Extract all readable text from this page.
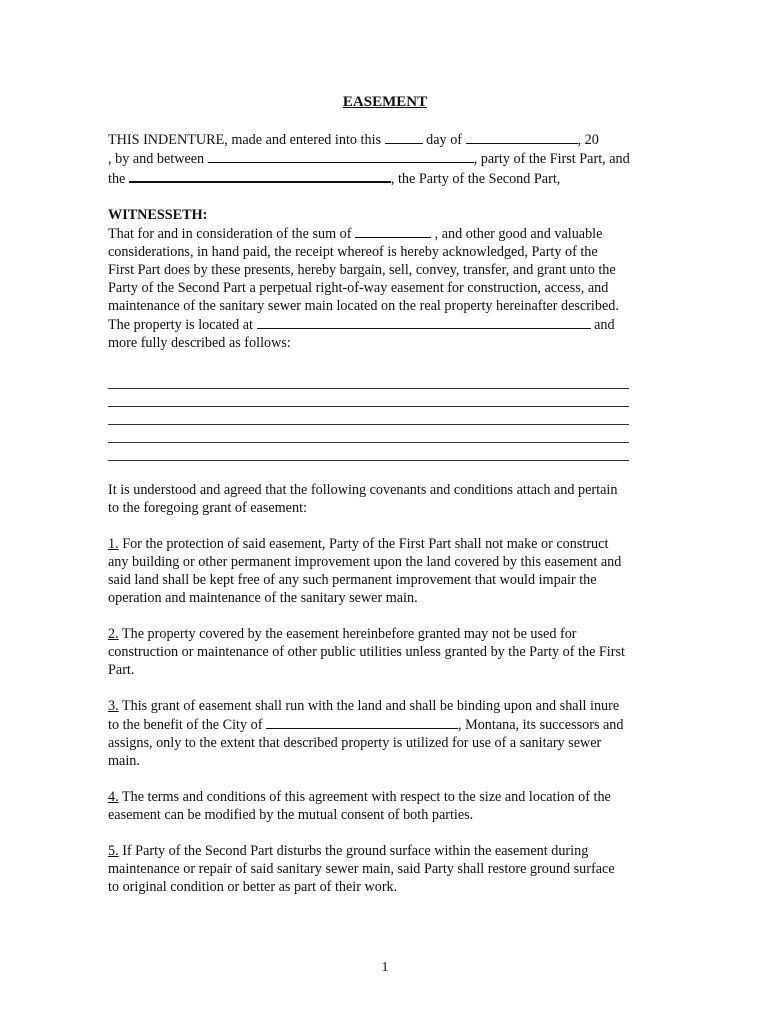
EASEMENT

THIS INDENTURE, made and entered into this	day of	, 20
, by and between	, party of the First Part, and
the	, the Party of the Second Part,

WITNESSETH:
That for and in consideration of the sum of	, and other good and valuable
considerations, in hand paid, the receipt whereof is hereby acknowledged, Party of the
First Part does by these presents, hereby bargain, sell, convey, transfer, and grant unto the
Party of the Second Part a perpetual right-of-way easement for construction, access, and
maintenance of the sanitary sewer main located on the real property hereinafter described.
The property is located at	and
more fully described as follows:

It is understood and agreed that the following covenants and conditions attach and pertain
to the foregoing grant of easement:

1. For the protection of said easement, Party of the First Part shall not make or construct
any building or other permanent improvement upon the land covered by this easement and
said land shall be kept free of any such permanent improvement that would impair the
operation and maintenance of the sanitary sewer main.

2. The property covered by the easement hereinbefore granted may not be used for
construction or maintenance of other public utilities unless granted by the Party of the First
Part.

3. This grant of easement shall run with the land and shall be binding upon and shall inure
to the benefit of the City of	, Montana, its successors and
assigns, only to the extent that described property is utilized for use of a sanitary sewer
main.

4. The terms and conditions of this agreement with respect to the size and location of the
easement can be modified by the mutual consent of both parties.

5. If Party of the Second Part disturbs the ground surface within the easement during
maintenance or repair of said sanitary sewer main, said Party shall restore ground surface
to original condition or better as part of their work.

1
